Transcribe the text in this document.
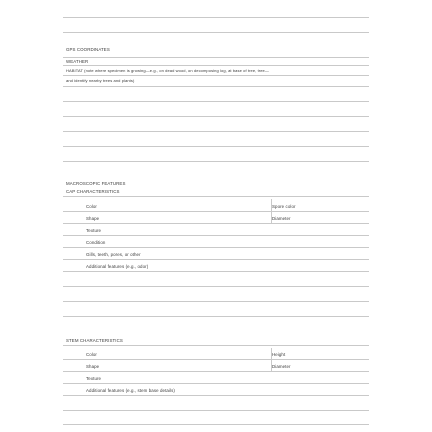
GPS COORDINATES
WEATHER
HABITAT (note where specimen is growing—e.g., on dead wood, on decomposing log, at base of tree, tree—
and identify nearby trees and plants)
MACROSCOPIC FEATURES
CAP CHARACTERISTICS
Color	Spore color
Shape	Diameter
Texture
Condition
Gills, teeth, pores, or other
Additional features (e.g., odor)
STEM CHARACTERISTICS
Color	Height
Shape	Diameter
Texture
Additional features (e.g., stem base details)
